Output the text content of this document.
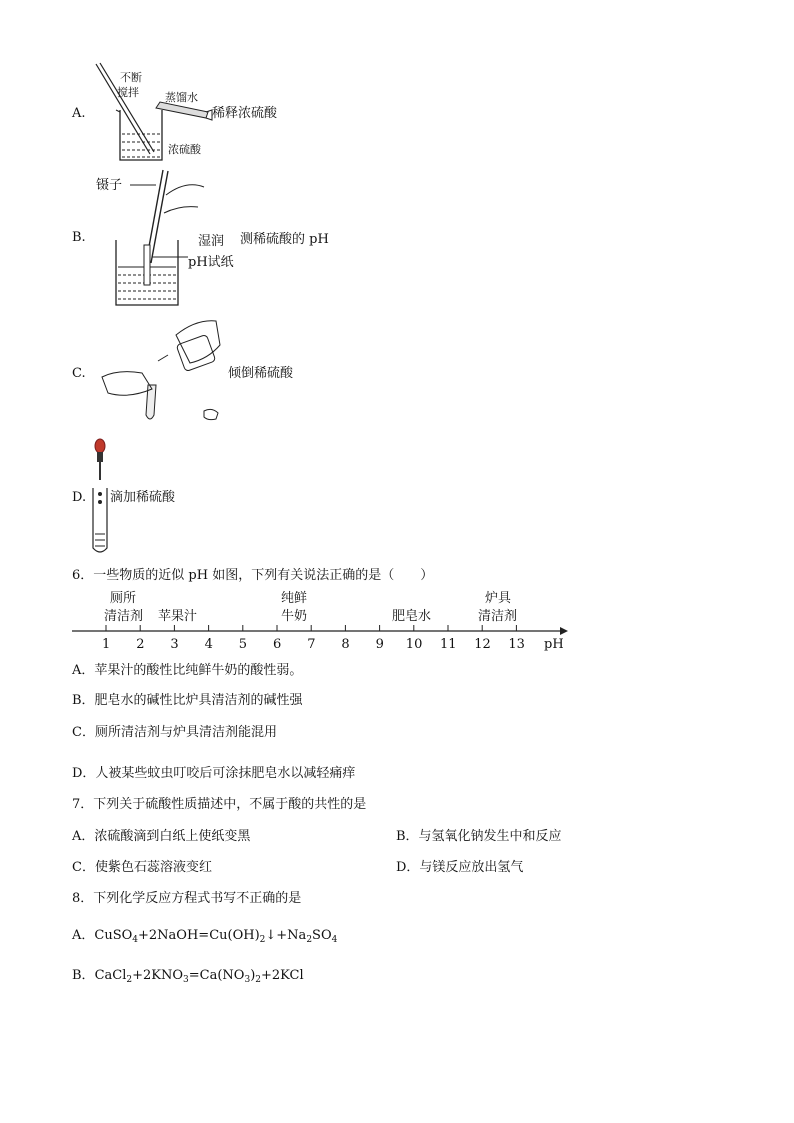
A.
不断
搅拌 蒸馏水
浓硫酸
稀释浓硫酸
镊子
B.	湿润
pH试纸
测稀硫酸的 pH
C.	倾倒稀硫酸
D. 滴加稀硫酸
6．一些物质的近似 pH 如图，下列有关说法正确的是（　　）
厕所
清洁剂 苹果汁
纯鲜
牛奶	肥皂水
炉具
清洁剂
1 2 3 4 5 6 7 8 9 10 11 12 13 pH
A．苹果汁的酸性比纯鲜牛奶的酸性弱。
B．肥皂水的碱性比炉具清洁剂的碱性强
C．厕所清洁剂与炉具清洁剂能混用
D．人被某些蚊虫叮咬后可涂抹肥皂水以减轻痛痒
7．下列关于硫酸性质描述中，不属于酸的共性的是
A．浓硫酸滴到白纸上使纸变黑	B．与氢氧化钠发生中和反应
C．使紫色石蕊溶液变红	D．与镁反应放出氢气
8．下列化学反应方程式书写不正确的是
A．$CuSO_4+2NaOH=Cu(OH)_2↓+Na_2SO_4$
B．$CaCl_2+2KNO_3=Ca(NO_3)_2+2KCl$
